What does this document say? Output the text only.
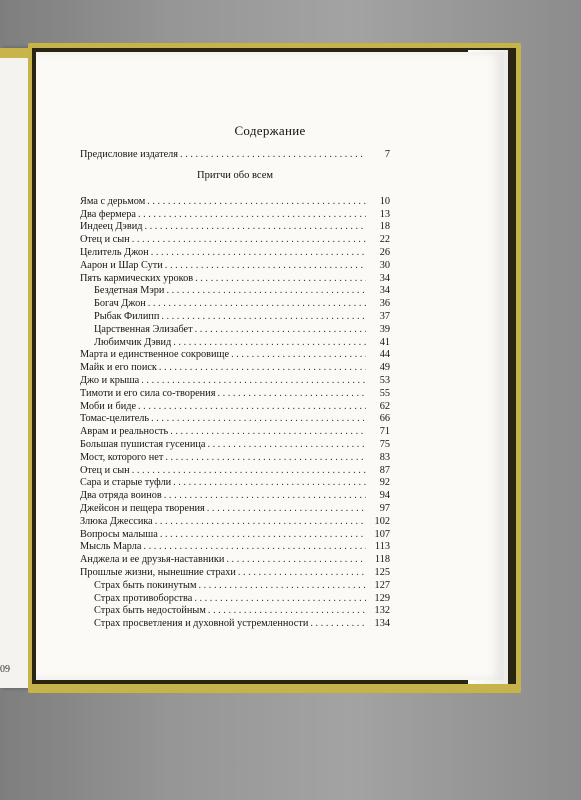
09
Содержание
Предисловие издателя . . .	7
Притчи обо всем
Яма с дерьмом . . .	10
Два фермера . . .	13
Индеец Дэвид . . .	18
Отец и сын . . .	22
Целитель Джон . . .	26
Аарон и Шар Сути . . .	30
Пять кармических уроков . . .	34
Бездетная Мэри . . .	34
Богач Джон . . .	36
Рыбак Филипп . . .	37
Царственная Элизабет . . .	39
Любимчик Дэвид . . .	41
Марта и единственное сокровище . . .	44
Майк и его поиск . . .	49
Джо и крыша . . .	53
Тимоти и его сила со-творения . . .	55
Моби и биде . . .	62
Томас-целитель . . .	66
Аврам и реальность . . .	71
Большая пушистая гусеница . . .	75
Мост, которого нет . . .	83
Отец и сын . . .	87
Сара и старые туфли . . .	92
Два отряда воинов . . .	94
Джейсон и пещера творения . . .	97
Злюка Джессика . . .	102
Вопросы малыша . . .	107
Мысль Марла . . .	113
Анджела и ее друзья-наставники . . .	118
Прошлые жизни, нынешние страхи . . .	125
Страх быть покинутым . . .	127
Страх противоборства . . .	129
Страх быть недостойным . . .	132
Страх просветления и духовной устремленности . . .	134
